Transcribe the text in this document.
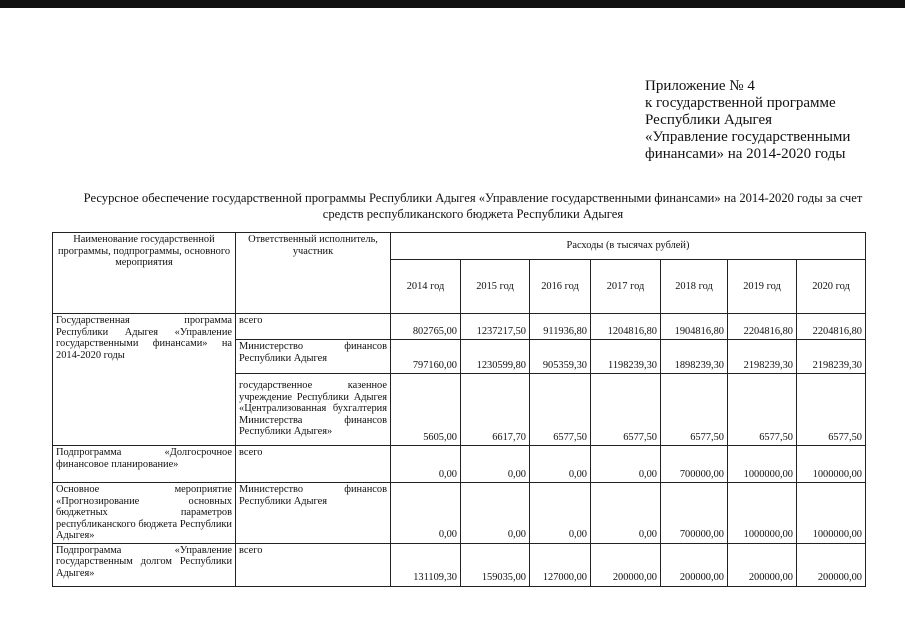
Приложение № 4
к государственной программе
Республики Адыгея
«Управление государственными
финансами» на 2014-2020 годы
Ресурсное обеспечение государственной программы Республики Адыгея «Управление государственными финансами» на 2014-2020 годы за счет
средств республиканского бюджета Республики Адыгея
Наименование государственной программы, подпрограммы, основного мероприятия	Ответственный исполнитель, участник	Расходы (в тысячах рублей)						
		2014 год	2015 год	2016 год	2017 год	2018 год	2019 год	2020 год
Государственная программа Республики Адыгея «Управление государственными финансами» на 2014-2020 годы	всего	802765,00	1237217,50	911936,80	1204816,80	1904816,80	2204816,80	2204816,80
	Министерство финансов Республики Адыгея	797160,00	1230599,80	905359,30	1198239,30	1898239,30	2198239,30	2198239,30
	государственное казенное учреждение Республики Адыгея «Централизованная бухгалтерия Министерства финансов Республики Адыгея»	5605,00	6617,70	6577,50	6577,50	6577,50	6577,50	6577,50
Подпрограмма «Долгосрочное финансовое планирование»	всего	0,00	0,00	0,00	0,00	700000,00	1000000,00	1000000,00
Основное мероприятие «Прогнозирование основных бюджетных параметров республиканского бюджета Республики Адыгея»	Министерство финансов Республики Адыгея	0,00	0,00	0,00	0,00	700000,00	1000000,00	1000000,00
Подпрограмма «Управление государственным долгом Республики Адыгея»	всего	131109,30	159035,00	127000,00	200000,00	200000,00	200000,00	200000,00
